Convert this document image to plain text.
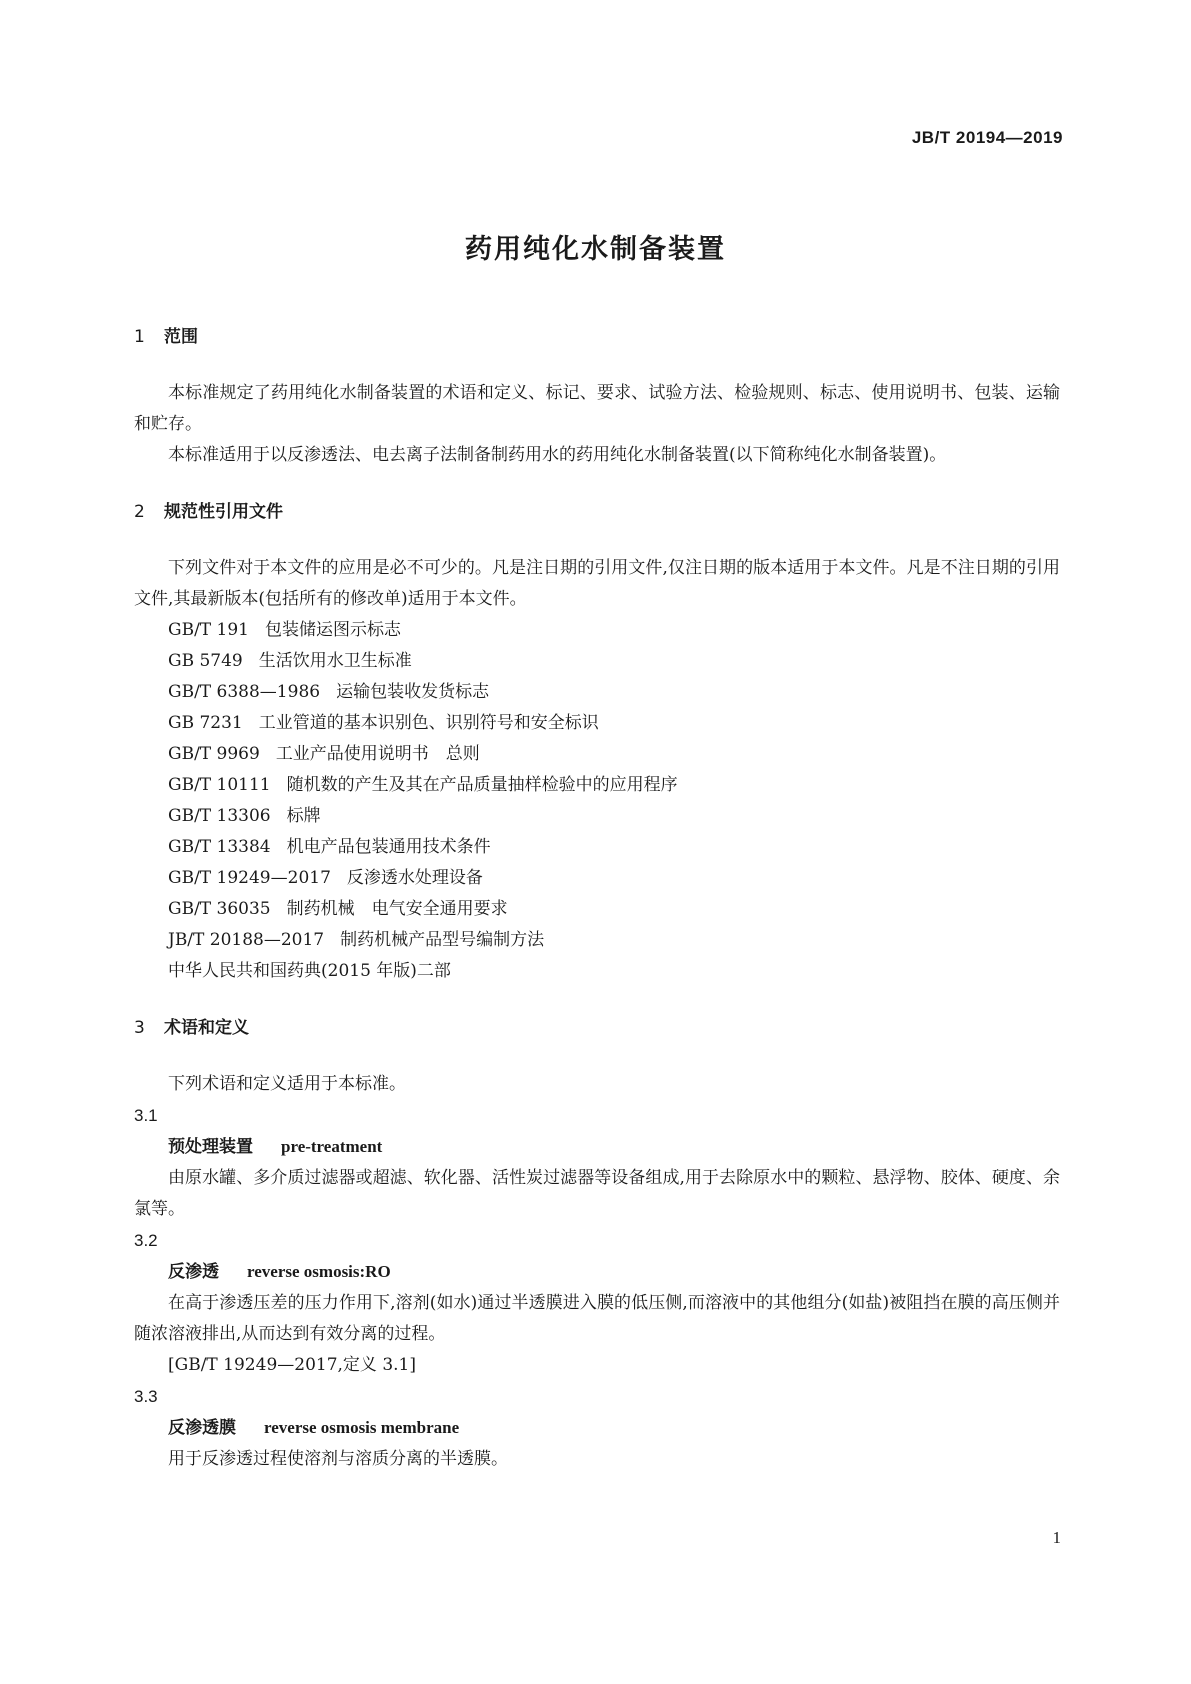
JB/T 20194—2019
药用纯化水制备装置
1 范围

本标准规定了药用纯化水制备装置的术语和定义、标记、要求、试验方法、检验规则、标志、使用说明书、包装、运输和贮存。

本标准适用于以反渗透法、电去离子法制备制药用水的药用纯化水制备装置(以下简称纯化水制备装置)。

2 规范性引用文件

下列文件对于本文件的应用是必不可少的。凡是注日期的引用文件,仅注日期的版本适用于本文件。凡是不注日期的引用文件,其最新版本(包括所有的修改单)适用于本文件。

GB/T 191 包装储运图示标志
GB 5749 生活饮用水卫生标准
GB/T 6388—1986 运输包装收发货标志
GB 7231 工业管道的基本识别色、识别符号和安全标识
GB/T 9969 工业产品使用说明书　总则
GB/T 10111 随机数的产生及其在产品质量抽样检验中的应用程序
GB/T 13306 标牌
GB/T 13384 机电产品包装通用技术条件
GB/T 19249—2017 反渗透水处理设备
GB/T 36035 制药机械　电气安全通用要求
JB/T 20188—2017 制药机械产品型号编制方法
中华人民共和国药典(2015 年版)二部
3 术语和定义

下列术语和定义适用于本标准。

3.1
预处理装置 pre-treatment

由原水罐、多介质过滤器或超滤、软化器、活性炭过滤器等设备组成,用于去除原水中的颗粒、悬浮物、胶体、硬度、余氯等。

3.2
反渗透 reverse osmosis:RO

在高于渗透压差的压力作用下,溶剂(如水)通过半透膜进入膜的低压侧,而溶液中的其他组分(如盐)被阻挡在膜的高压侧并随浓溶液排出,从而达到有效分离的过程。

[GB/T 19249—2017,定义 3.1]
3.3
反渗透膜 reverse osmosis membrane

用于反渗透过程使溶剂与溶质分离的半透膜。

1
